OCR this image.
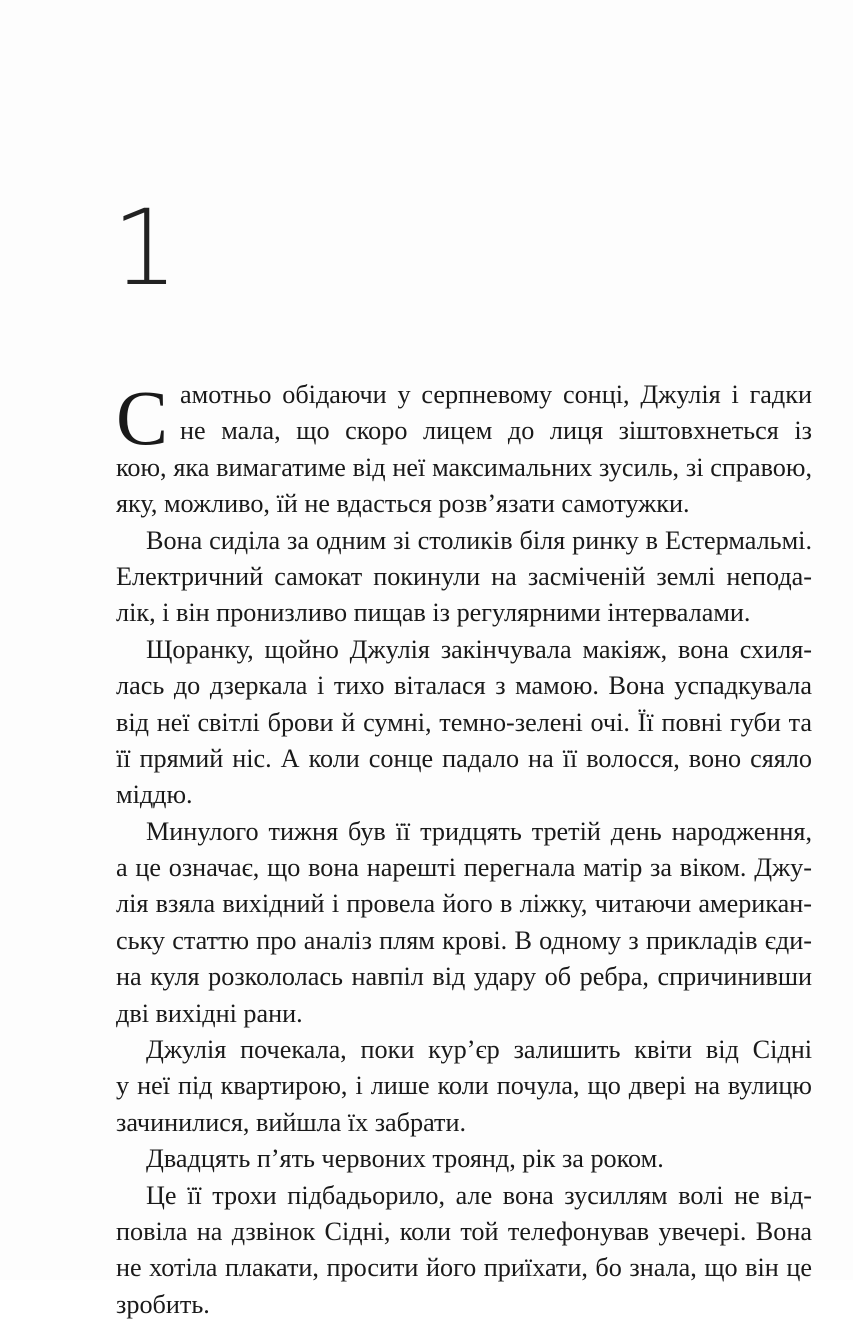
1
С амотньо обідаючи у серпневому сонці, Джулія і гадки
не мала, що скоро лицем до лиця зіштовхнеться із
кою, яка вимагатиме від неї максимальних зусиль, зі справою,
яку, можливо, їй не вдасться розв’язати самотужки.
Вона сиділа за одним зі столиків біля ринку в Естермальмі.
Електричний самокат покинули на засміченій землі непода-
лік, і він пронизливо пищав із регулярними інтервалами.
Щоранку, щойно Джулія закінчувала макіяж, вона схиля-
лась до дзеркала і тихо віталася з мамою. Вона успадкувала
від неї світлі брови й сумні, темно-зелені очі. Її повні губи та
її прямий ніс. А коли сонце падало на її волосся, воно сяяло
міддю.
Минулого тижня був її тридцять третій день народження,
а це означає, що вона нарешті перегнала матір за віком. Джу-
лія взяла вихідний і провела його в ліжку, читаючи американ-
ську статтю про аналіз плям крові. В одному з прикладів єди-
на куля розкололась навпіл від удару об ребра, спричинивши
дві вихідні рани.
Джулія почекала, поки кур’єр залишить квіти від Сідні
у неї під квартирою, і лише коли почула, що двері на вулицю
зачинилися, вийшла їх забрати.
Двадцять п’ять червоних троянд, рік за роком.
Це її трохи підбадьорило, але вона зусиллям волі не від-
повіла на дзвінок Сідні, коли той телефонував увечері. Вона
не хотіла плакати, просити його приїхати, бо знала, що він це
зробить.
